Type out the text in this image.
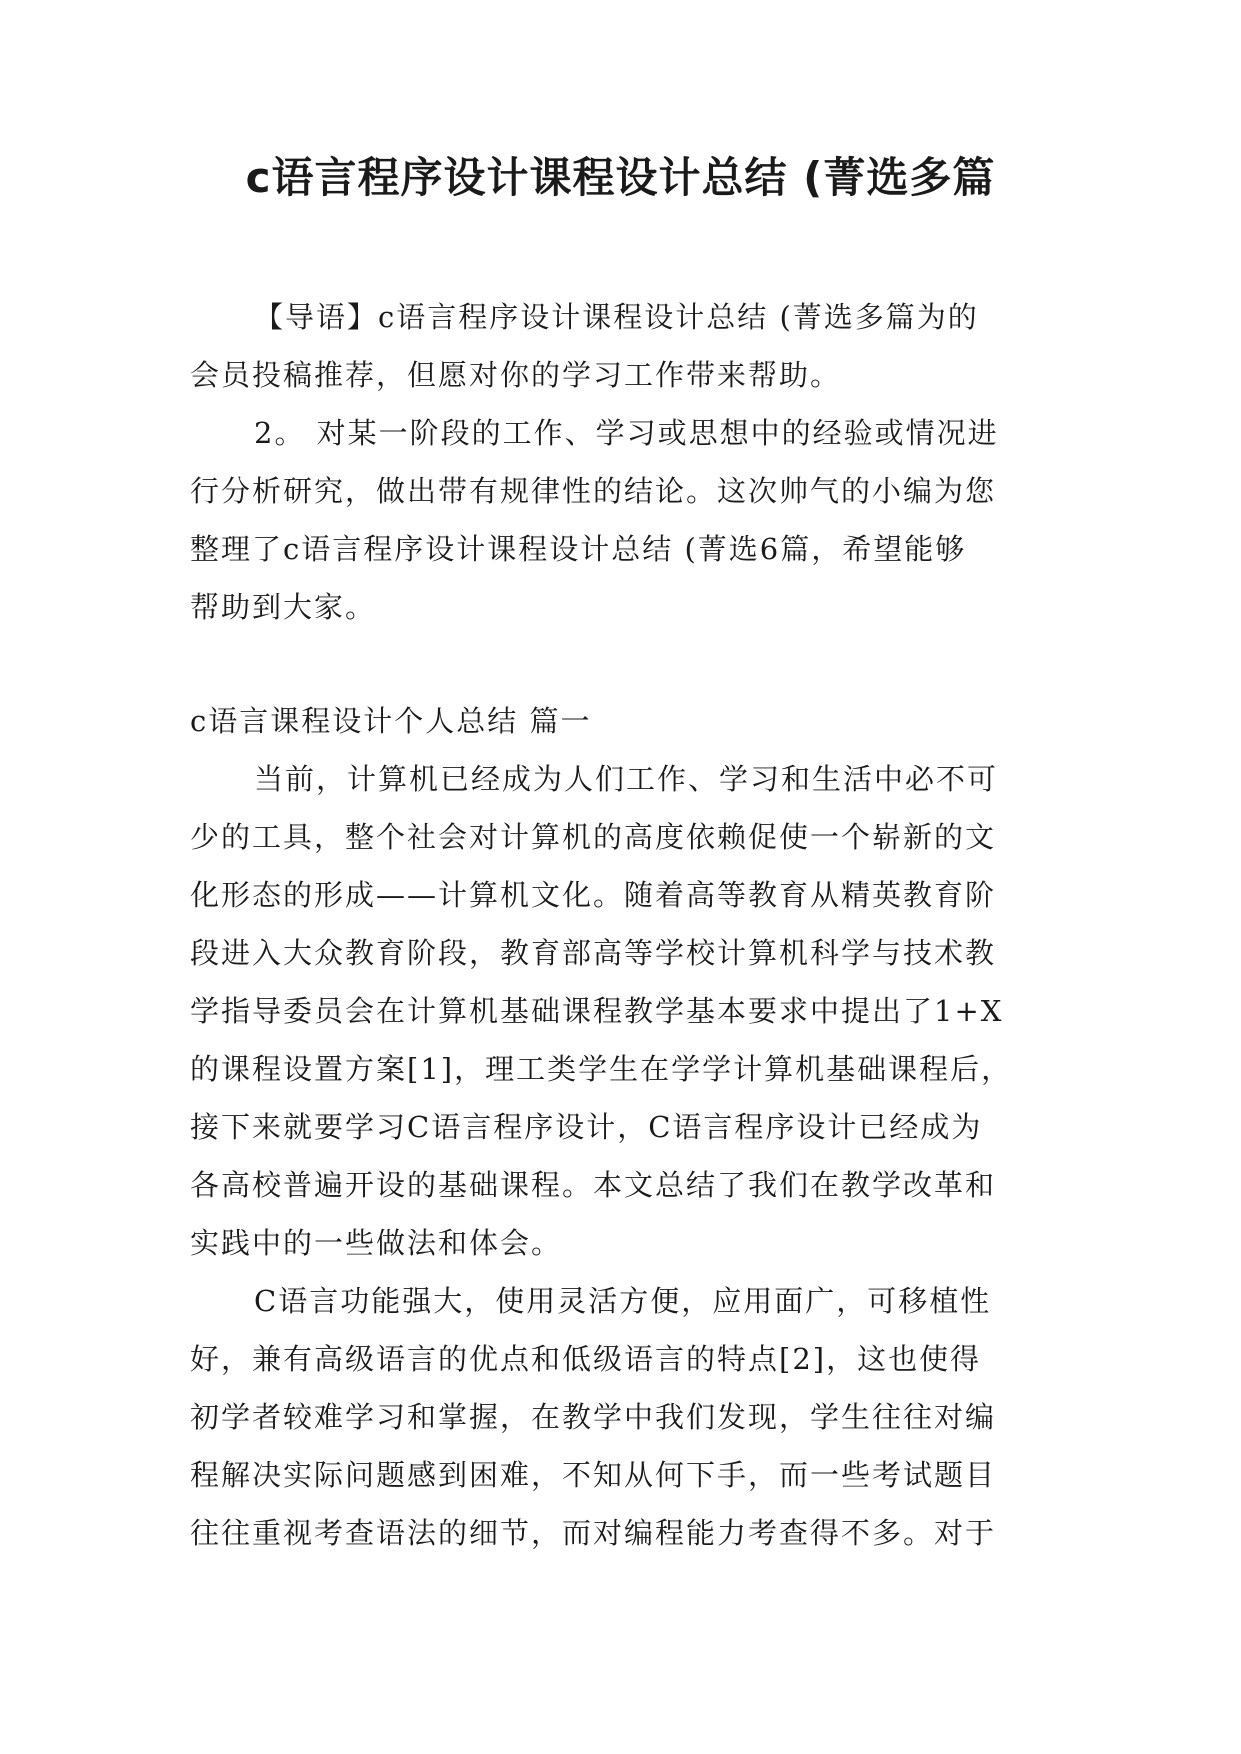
c语言程序设计课程设计总结 (菁选多篇

【导语】c语言程序设计课程设计总结 (菁选多篇为的
会员投稿推荐，但愿对你的学习工作带来帮助。

2。 对某一阶段的工作、学习或思想中的经验或情况进
行分析研究，做出带有规律性的结论。这次帅气的小编为您
整理了c语言程序设计课程设计总结 (菁选6篇，希望能够
帮助到大家。

c语言课程设计个人总结 篇一

当前，计算机已经成为人们工作、学习和生活中必不可
少的工具，整个社会对计算机的高度依赖促使一个崭新的文
化形态的形成——计算机文化。随着高等教育从精英教育阶
段进入大众教育阶段，教育部高等学校计算机科学与技术教
学指导委员会在计算机基础课程教学基本要求中提出了1+X
的课程设置方案[1]，理工类学生在学学计算机基础课程后，
接下来就要学习C语言程序设计，C语言程序设计已经成为
各高校普遍开设的基础课程。本文总结了我们在教学改革和
实践中的一些做法和体会。

C语言功能强大，使用灵活方便，应用面广，可移植性
好，兼有高级语言的优点和低级语言的特点[2]，这也使得
初学者较难学习和掌握，在教学中我们发现，学生往往对编
程解决实际问题感到困难，不知从何下手，而一些考试题目
往往重视考查语法的细节，而对编程能力考查得不多。对于
